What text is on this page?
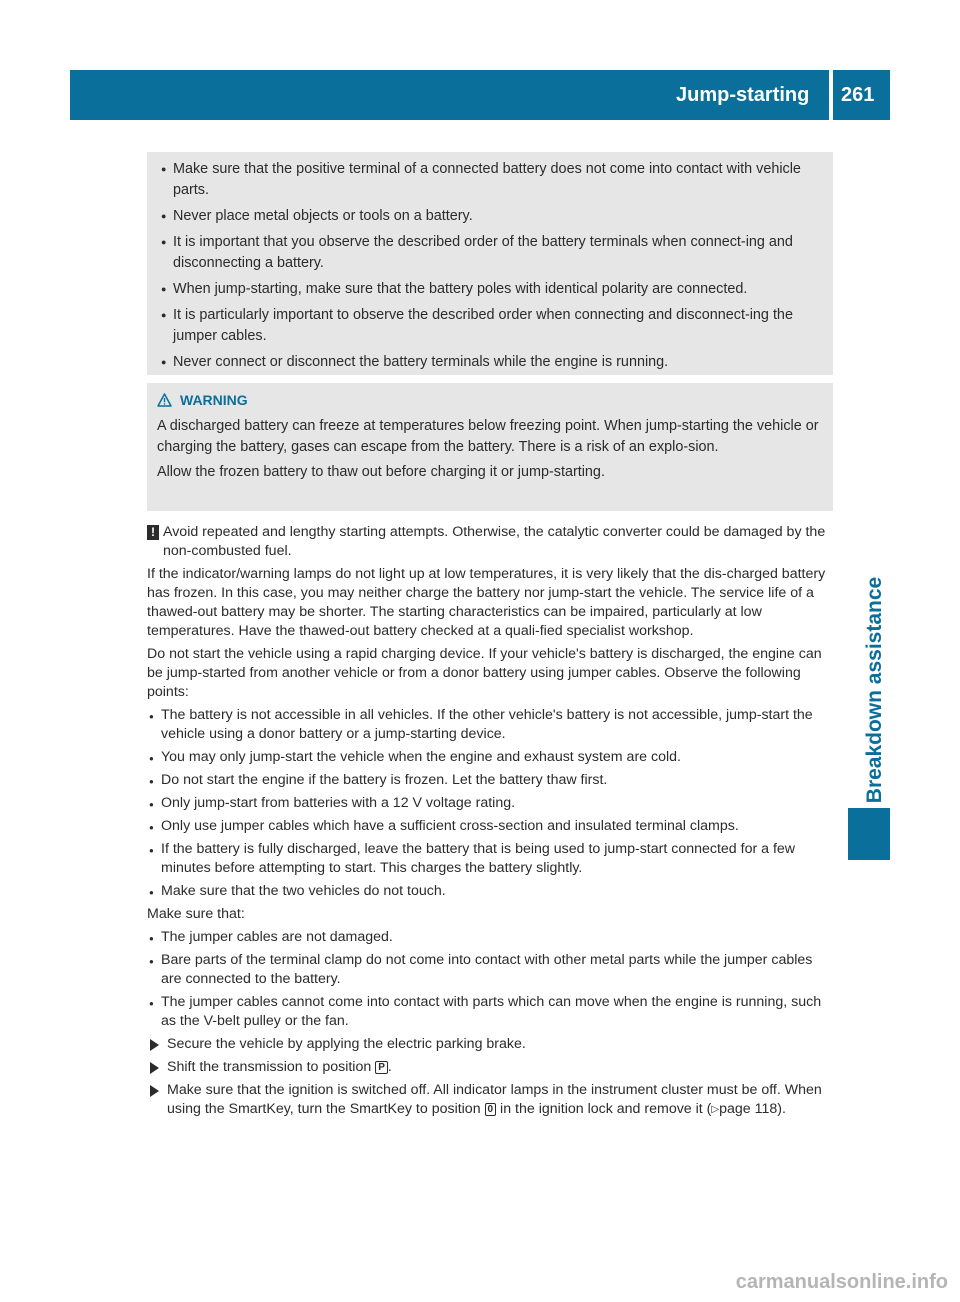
Jump-starting 261
Breakdown assistance
● Make sure that the positive terminal of a connected battery does not come into contact with vehicle parts.
● Never place metal objects or tools on a battery.
● It is important that you observe the described order of the battery terminals when connect-ing and disconnecting a battery.
● When jump-starting, make sure that the battery poles with identical polarity are connected.
● It is particularly important to observe the described order when connecting and disconnect-ing the jumper cables.
● Never connect or disconnect the battery terminals while the engine is running.
WARNING
A discharged battery can freeze at temperatures below freezing point. When jump-starting the vehicle or charging the battery, gases can escape from the battery. There is a risk of an explo-sion.
Allow the frozen battery to thaw out before charging it or jump-starting.
! Avoid repeated and lengthy starting attempts. Otherwise, the catalytic converter could be damaged by the non-combusted fuel.
If the indicator/warning lamps do not light up at low temperatures, it is very likely that the dis-charged battery has frozen. In this case, you may neither charge the battery nor jump-start the vehicle. The service life of a thawed-out battery may be shorter. The starting characteristics can be impaired, particularly at low temperatures. Have the thawed-out battery checked at a quali-fied specialist workshop.
Do not start the vehicle using a rapid charging device. If your vehicle's battery is discharged, the engine can be jump-started from another vehicle or from a donor battery using jumper cables. Observe the following points:
● The battery is not accessible in all vehicles. If the other vehicle's battery is not accessible, jump-start the vehicle using a donor battery or a jump-starting device.
● You may only jump-start the vehicle when the engine and exhaust system are cold.
● Do not start the engine if the battery is frozen. Let the battery thaw first.
● Only jump-start from batteries with a 12 V voltage rating.
● Only use jumper cables which have a sufficient cross-section and insulated terminal clamps.
● If the battery is fully discharged, leave the battery that is being used to jump-start connected for a few minutes before attempting to start. This charges the battery slightly.
● Make sure that the two vehicles do not touch.
Make sure that:
● The jumper cables are not damaged.
● Bare parts of the terminal clamp do not come into contact with other metal parts while the jumper cables are connected to the battery.
● The jumper cables cannot come into contact with parts which can move when the engine is running, such as the V-belt pulley or the fan.
Secure the vehicle by applying the electric parking brake.
Shift the transmission to position P .
Make sure that the ignition is switched off. All indicator lamps in the instrument cluster must be off. When using the SmartKey, turn the SmartKey to position 0 in the ignition lock and remove it (▷page 118).
carmanualsonline.info
